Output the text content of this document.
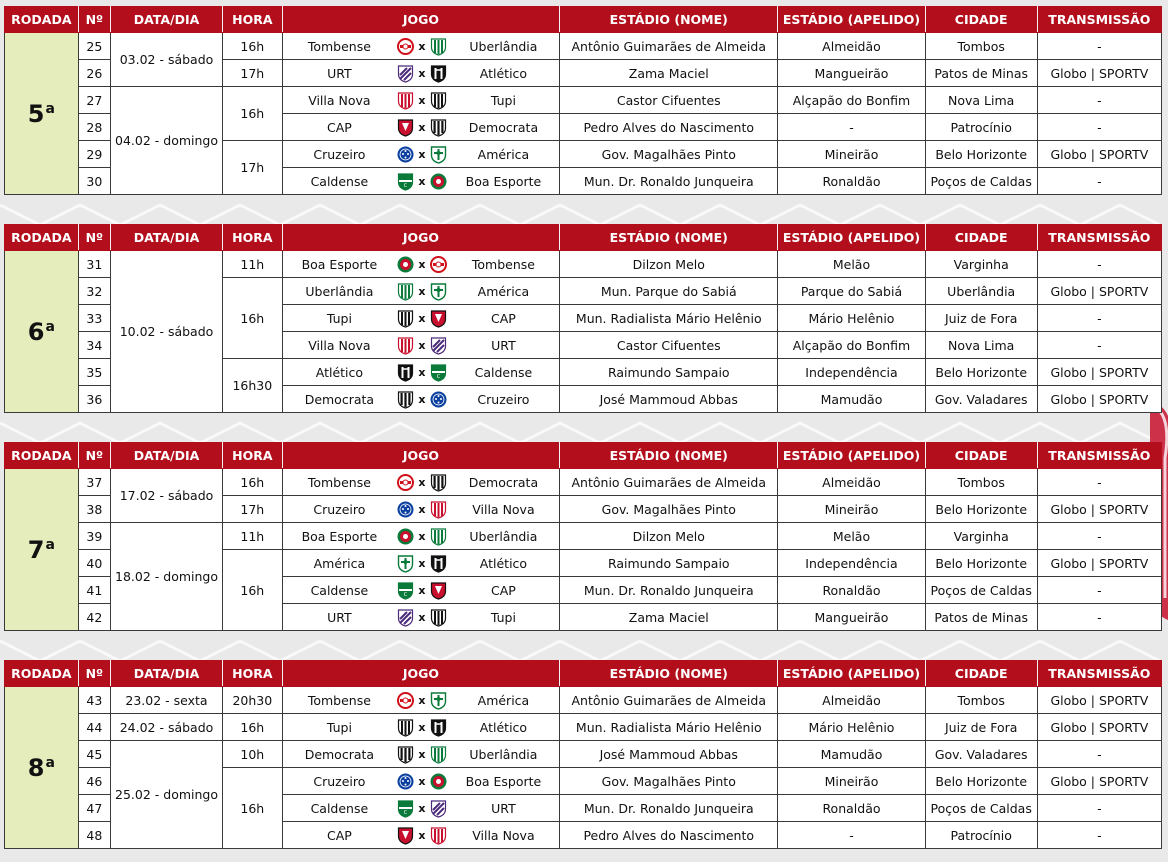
RODADA	Nº	DATA/DIA	HORA	JOGO					ESTÁDIO (NOME)	ESTÁDIO (APELIDO)	CIDADE	TRANSMISSÃO
5$^a$	25	03.02 - sábado	16h	Tombense		x		Uberlândia	Antônio Guimarães de Almeida	Almeidão	Tombos	-
	26		17h	URT		x		Atlético	Zama Maciel	Mangueirão	Patos de Minas	Globo | SPORTV
	27	04.02 - domingo	16h	Villa Nova		x		Tupi	Castor Cifuentes	Alçapão do Bonfim	Nova Lima	-
	28			CAP		x		Democrata	Pedro Alves do Nascimento	-	Patrocínio	-
	29		17h	Cruzeiro		x		América	Gov. Magalhães Pinto	Mineirão	Belo Horizonte	Globo | SPORTV
	30			Caldense	C	x		Boa Esporte	Mun. Dr. Ronaldo Junqueira	Ronaldão	Poços de Caldas	-
RODADA	Nº	DATA/DIA	HORA	JOGO					ESTÁDIO (NOME)	ESTÁDIO (APELIDO)	CIDADE	TRANSMISSÃO
6$^a$	31	10.02 - sábado	11h	Boa Esporte		x		Tombense	Dilzon Melo	Melão	Varginha	-
	32		16h	Uberlândia		x		América	Mun. Parque do Sabiá	Parque do Sabiá	Uberlândia	Globo | SPORTV
	33			Tupi		x		CAP	Mun. Radialista Mário Helênio	Mário Helênio	Juiz de Fora	-
	34			Villa Nova		x		URT	Castor Cifuentes	Alçapão do Bonfim	Nova Lima	-
	35		16h30	Atlético		x	C	Caldense	Raimundo Sampaio	Independência	Belo Horizonte	Globo | SPORTV
	36			Democrata		x		Cruzeiro	José Mammoud Abbas	Mamudão	Gov. Valadares	Globo | SPORTV
RODADA	Nº	DATA/DIA	HORA	JOGO					ESTÁDIO (NOME)	ESTÁDIO (APELIDO)	CIDADE	TRANSMISSÃO
7$^a$	37	17.02 - sábado	16h	Tombense		x		Democrata	Antônio Guimarães de Almeida	Almeidão	Tombos	-
	38		17h	Cruzeiro		x		Villa Nova	Gov. Magalhães Pinto	Mineirão	Belo Horizonte	Globo | SPORTV
	39	18.02 - domingo	11h	Boa Esporte		x		Uberlândia	Dilzon Melo	Melão	Varginha	-
	40		16h	América		x		Atlético	Raimundo Sampaio	Independência	Belo Horizonte	Globo | SPORTV
	41			Caldense	C	x		CAP	Mun. Dr. Ronaldo Junqueira	Ronaldão	Poços de Caldas	-
	42			URT		x		Tupi	Zama Maciel	Mangueirão	Patos de Minas	-
RODADA	Nº	DATA/DIA	HORA	JOGO					ESTÁDIO (NOME)	ESTÁDIO (APELIDO)	CIDADE	TRANSMISSÃO
8$^a$	43	23.02 - sexta	20h30	Tombense		x		América	Antônio Guimarães de Almeida	Almeidão	Tombos	Globo | SPORTV
	44	24.02 - sábado	16h	Tupi		x		Atlético	Mun. Radialista Mário Helênio	Mário Helênio	Juiz de Fora	Globo | SPORTV
	45	25.02 - domingo	10h	Democrata		x		Uberlândia	José Mammoud Abbas	Mamudão	Gov. Valadares	-
	46		16h	Cruzeiro		x		Boa Esporte	Gov. Magalhães Pinto	Mineirão	Belo Horizonte	Globo | SPORTV
	47			Caldense	C	x		URT	Mun. Dr. Ronaldo Junqueira	Ronaldão	Poços de Caldas	-
	48			CAP		x		Villa Nova	Pedro Alves do Nascimento	-	Patrocínio	-
